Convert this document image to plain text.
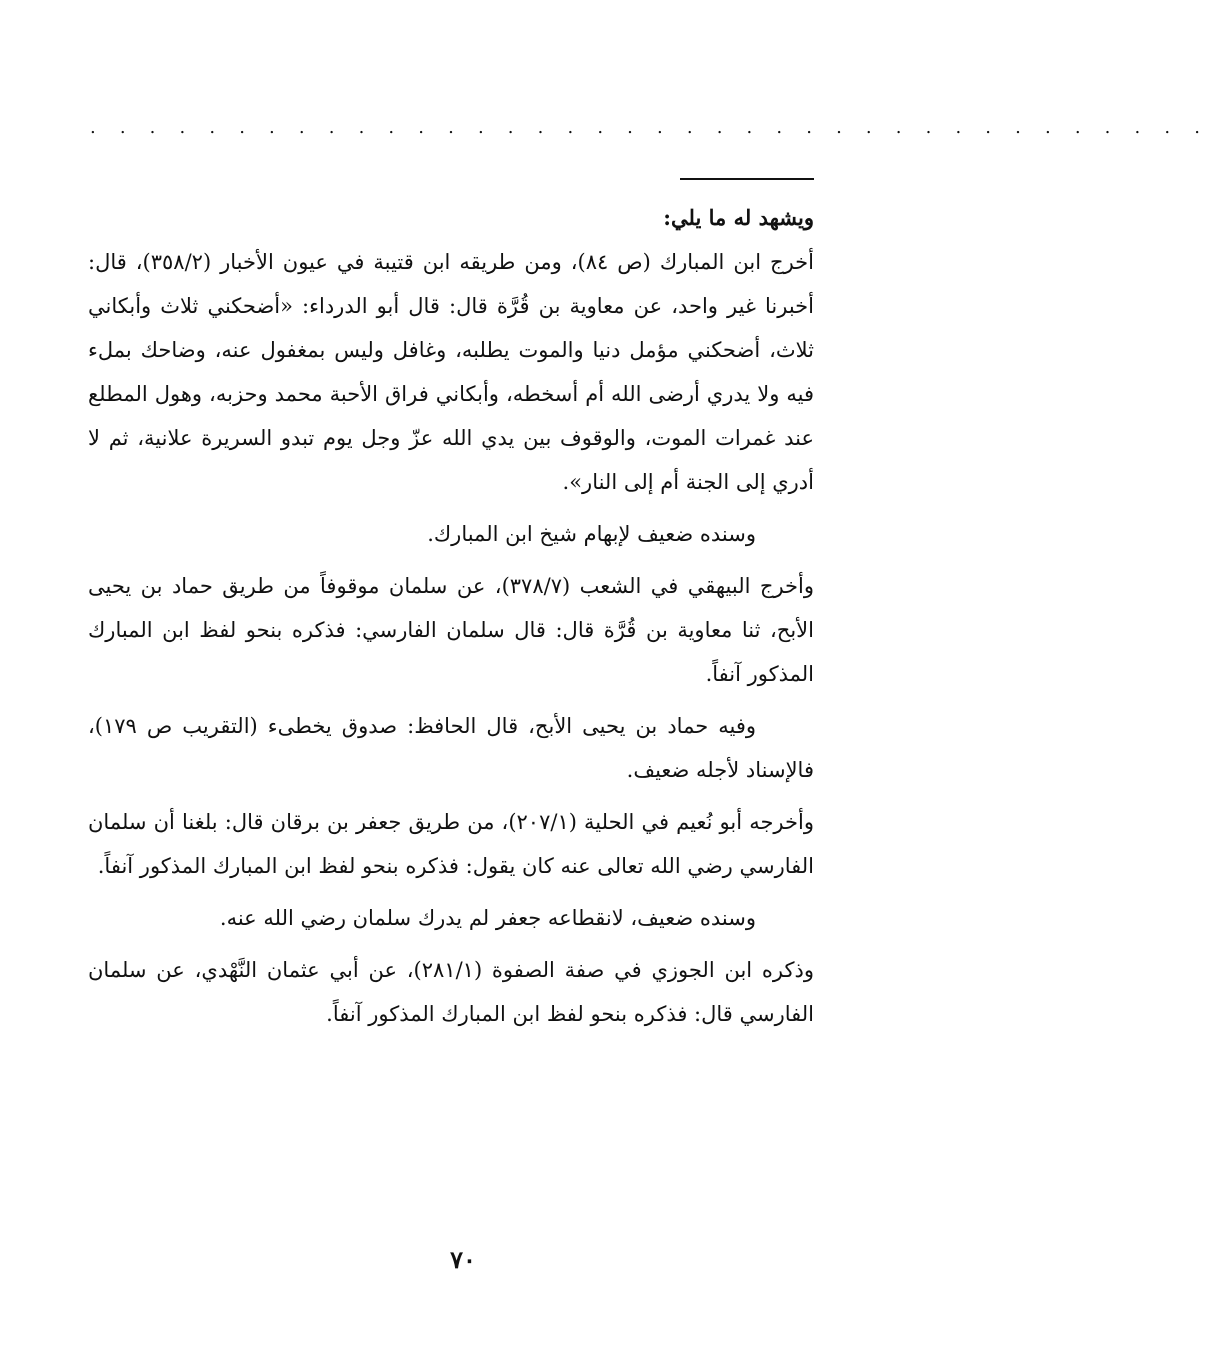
. . . . . . . . . . . . . . . . . . . . . . . . . . . . . . . . . . . . . .

ويشهد له ما يلي:

أخرج ابن المبارك (ص ٨٤)، ومن طريقه ابن قتيبة في عيون الأخبار (٣٥٨/٢)، قال: أخبرنا غير واحد، عن معاوية بن قُرَّة قال: قال أبو الدرداء: «أضحكني ثلاث وأبكاني ثلاث، أضحكني مؤمل دنيا والموت يطلبه، وغافل وليس بمغفول عنه، وضاحك بملء فيه ولا يدري أرضى الله أم أسخطه، وأبكاني فراق الأحبة محمد وحزبه، وهول المطلع عند غمرات الموت، والوقوف بين يدي الله عزّ وجل يوم تبدو السريرة علانية، ثم لا أدري إلى الجنة أم إلى النار».

وسنده ضعيف لإبهام شيخ ابن المبارك.

وأخرج البيهقي في الشعب (٣٧٨/٧)، عن سلمان موقوفاً من طريق حماد بن يحيى الأبح، ثنا معاوية بن قُرَّة قال: قال سلمان الفارسي: فذكره بنحو لفظ ابن المبارك المذكور آنفاً.

وفيه حماد بن يحيى الأبح، قال الحافظ: صدوق يخطىء (التقريب ص ١٧٩)، فالإسناد لأجله ضعيف.

وأخرجه أبو نُعيم في الحلية (٢٠٧/١)، من طريق جعفر بن برقان قال: بلغنا أن سلمان الفارسي رضي الله تعالى عنه كان يقول: فذكره بنحو لفظ ابن المبارك المذكور آنفاً.

وسنده ضعيف، لانقطاعه جعفر لم يدرك سلمان رضي الله عنه.

وذكره ابن الجوزي في صفة الصفوة (٢٨١/١)، عن أبي عثمان النَّهْدي، عن سلمان الفارسي قال: فذكره بنحو لفظ ابن المبارك المذكور آنفاً.

٧٠
